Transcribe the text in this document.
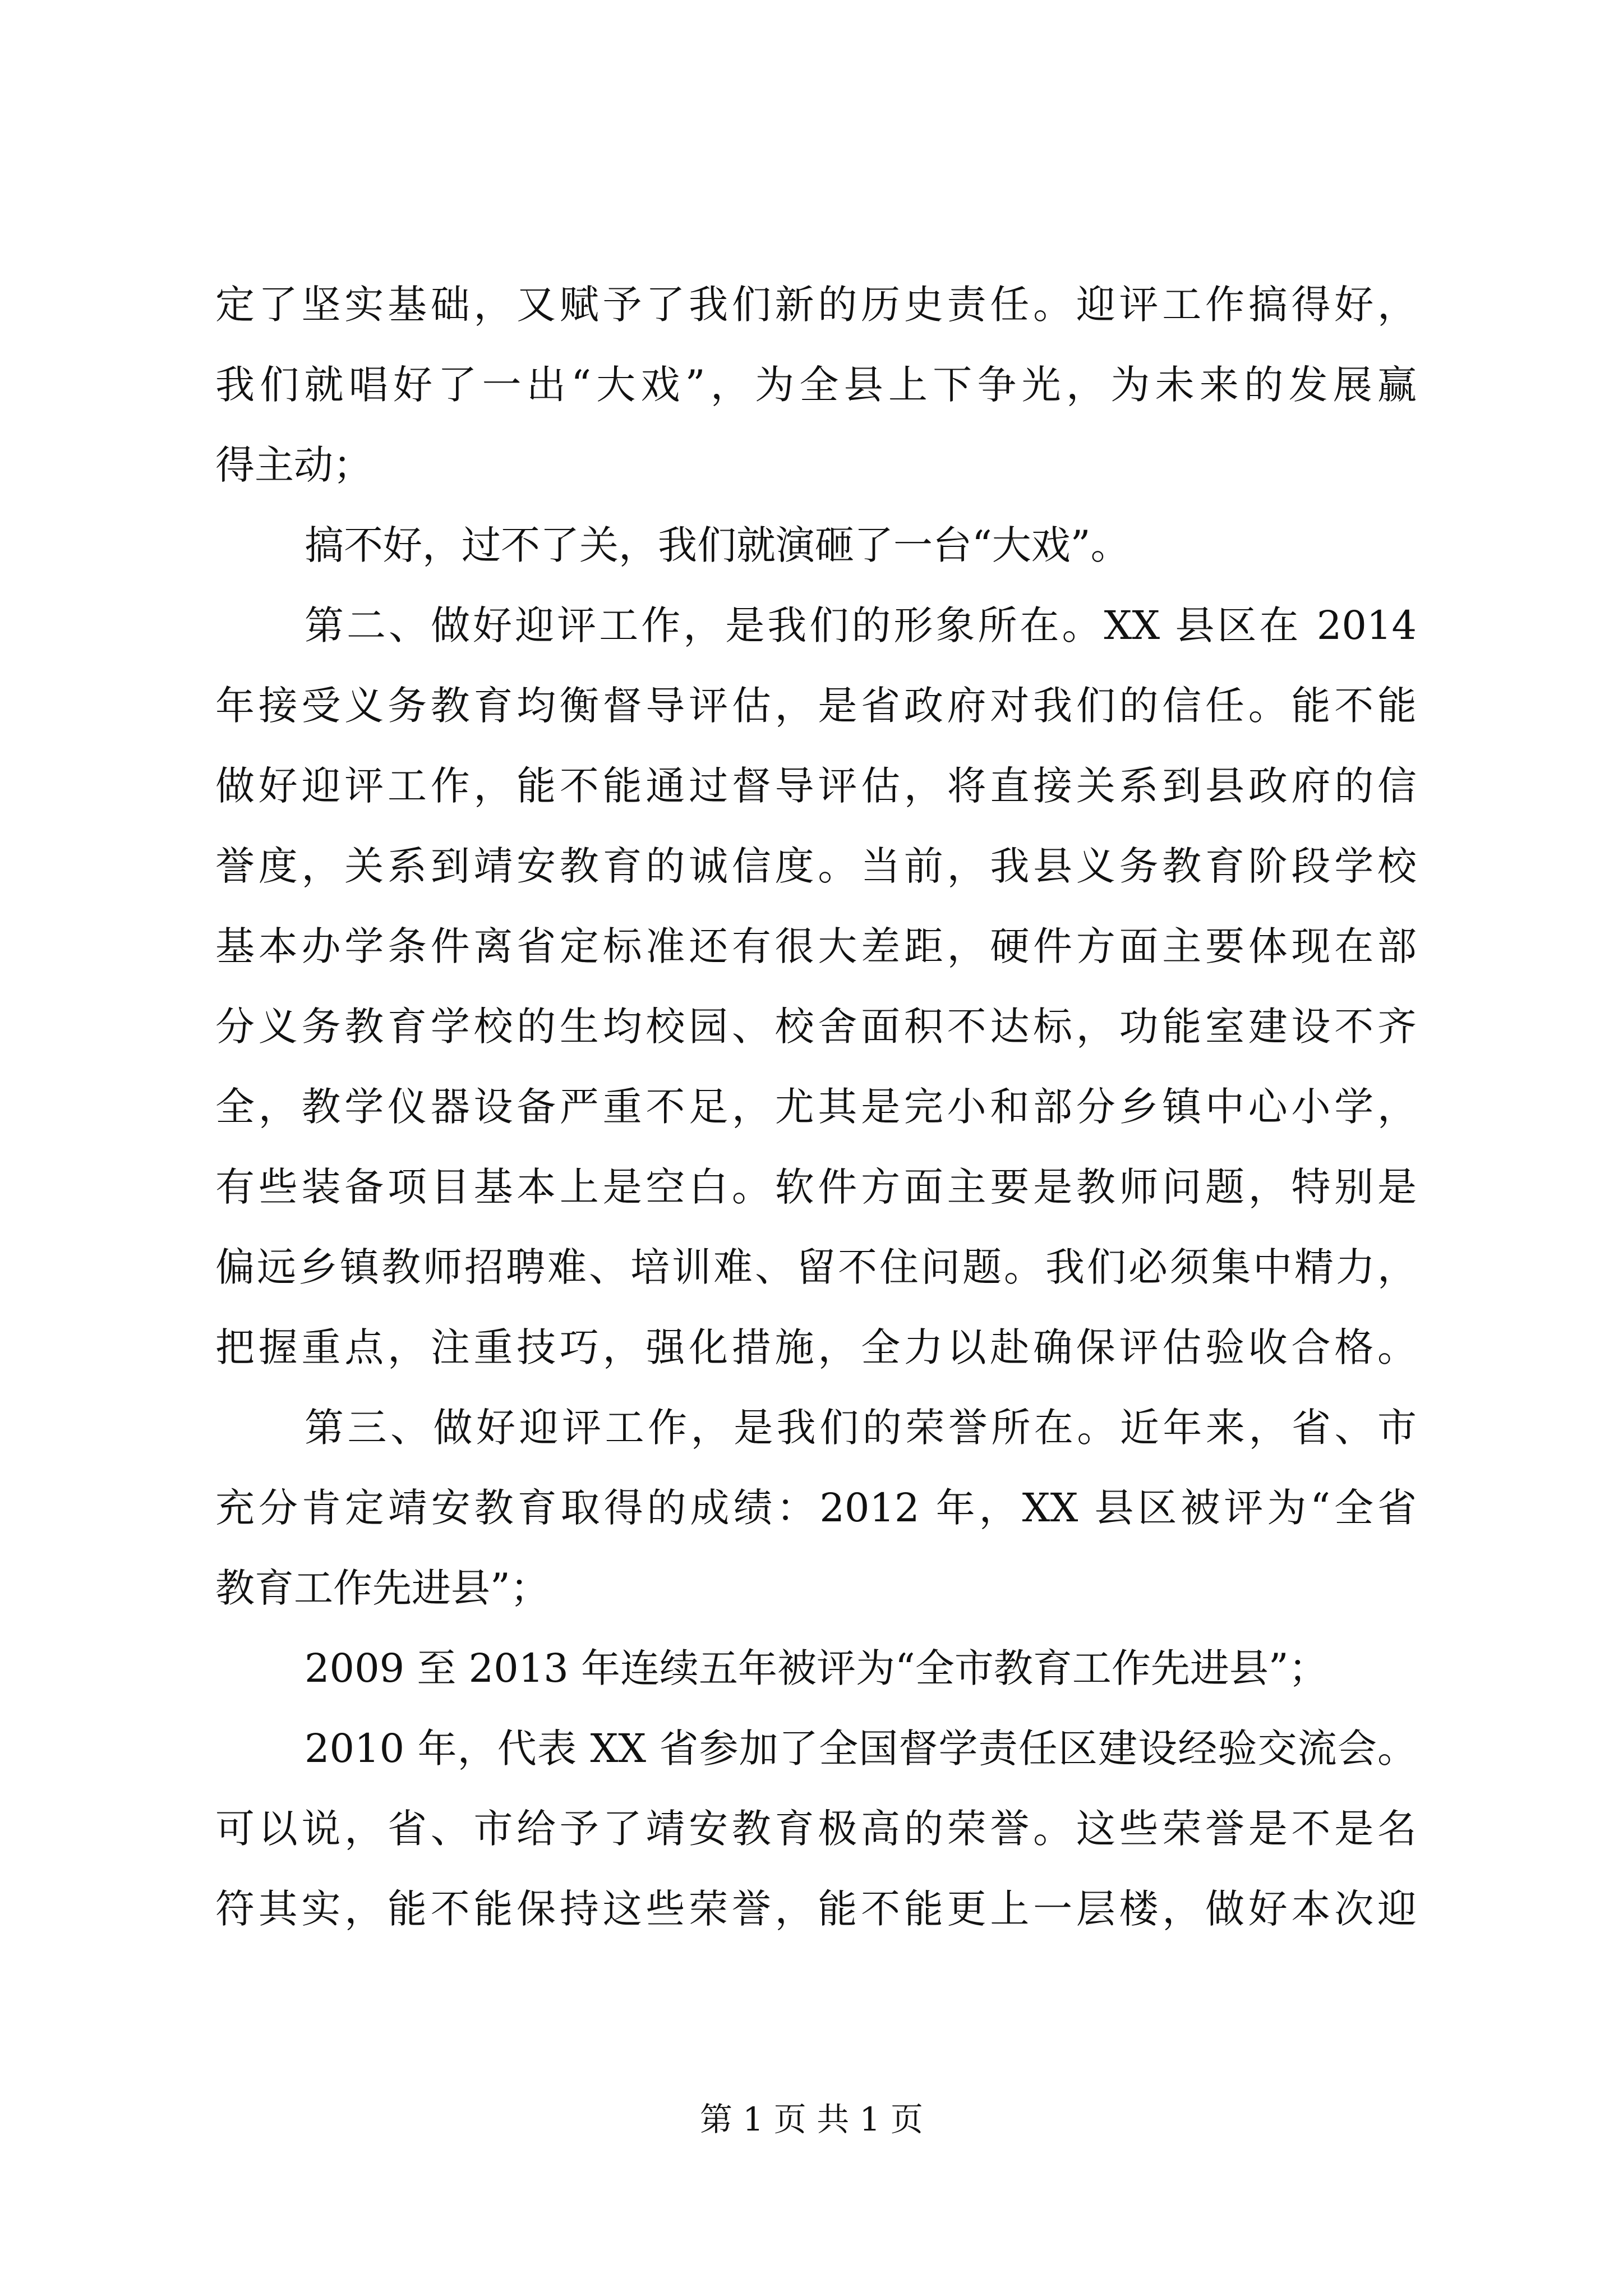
定了坚实基础，又赋予了我们新的历史责任。迎评工作搞得好，
我们就唱好了一出“大戏”，为全县上下争光，为未来的发展赢
得主动；
搞不好，过不了关，我们就演砸了一台“大戏”。
第二、做好迎评工作，是我们的形象所在。XX 县区在 2014
年接受义务教育均衡督导评估，是省政府对我们的信任。能不能
做好迎评工作，能不能通过督导评估，将直接关系到县政府的信
誉度，关系到靖安教育的诚信度。当前，我县义务教育阶段学校
基本办学条件离省定标准还有很大差距，硬件方面主要体现在部
分义务教育学校的生均校园、校舍面积不达标，功能室建设不齐
全，教学仪器设备严重不足，尤其是完小和部分乡镇中心小学，
有些装备项目基本上是空白。软件方面主要是教师问题，特别是
偏远乡镇教师招聘难、培训难、留不住问题。我们必须集中精力，
把握重点，注重技巧，强化措施，全力以赴确保评估验收合格。
第三、做好迎评工作，是我们的荣誉所在。近年来，省、市
充分肯定靖安教育取得的成绩：2012 年，XX 县区被评为“全省
教育工作先进县”；
2009 至 2013 年连续五年被评为“全市教育工作先进县”；
2010 年，代表 XX 省参加了全国督学责任区建设经验交流会。
可以说，省、市给予了靖安教育极高的荣誉。这些荣誉是不是名
符其实，能不能保持这些荣誉，能不能更上一层楼，做好本次迎
第 1 页 共 1 页
